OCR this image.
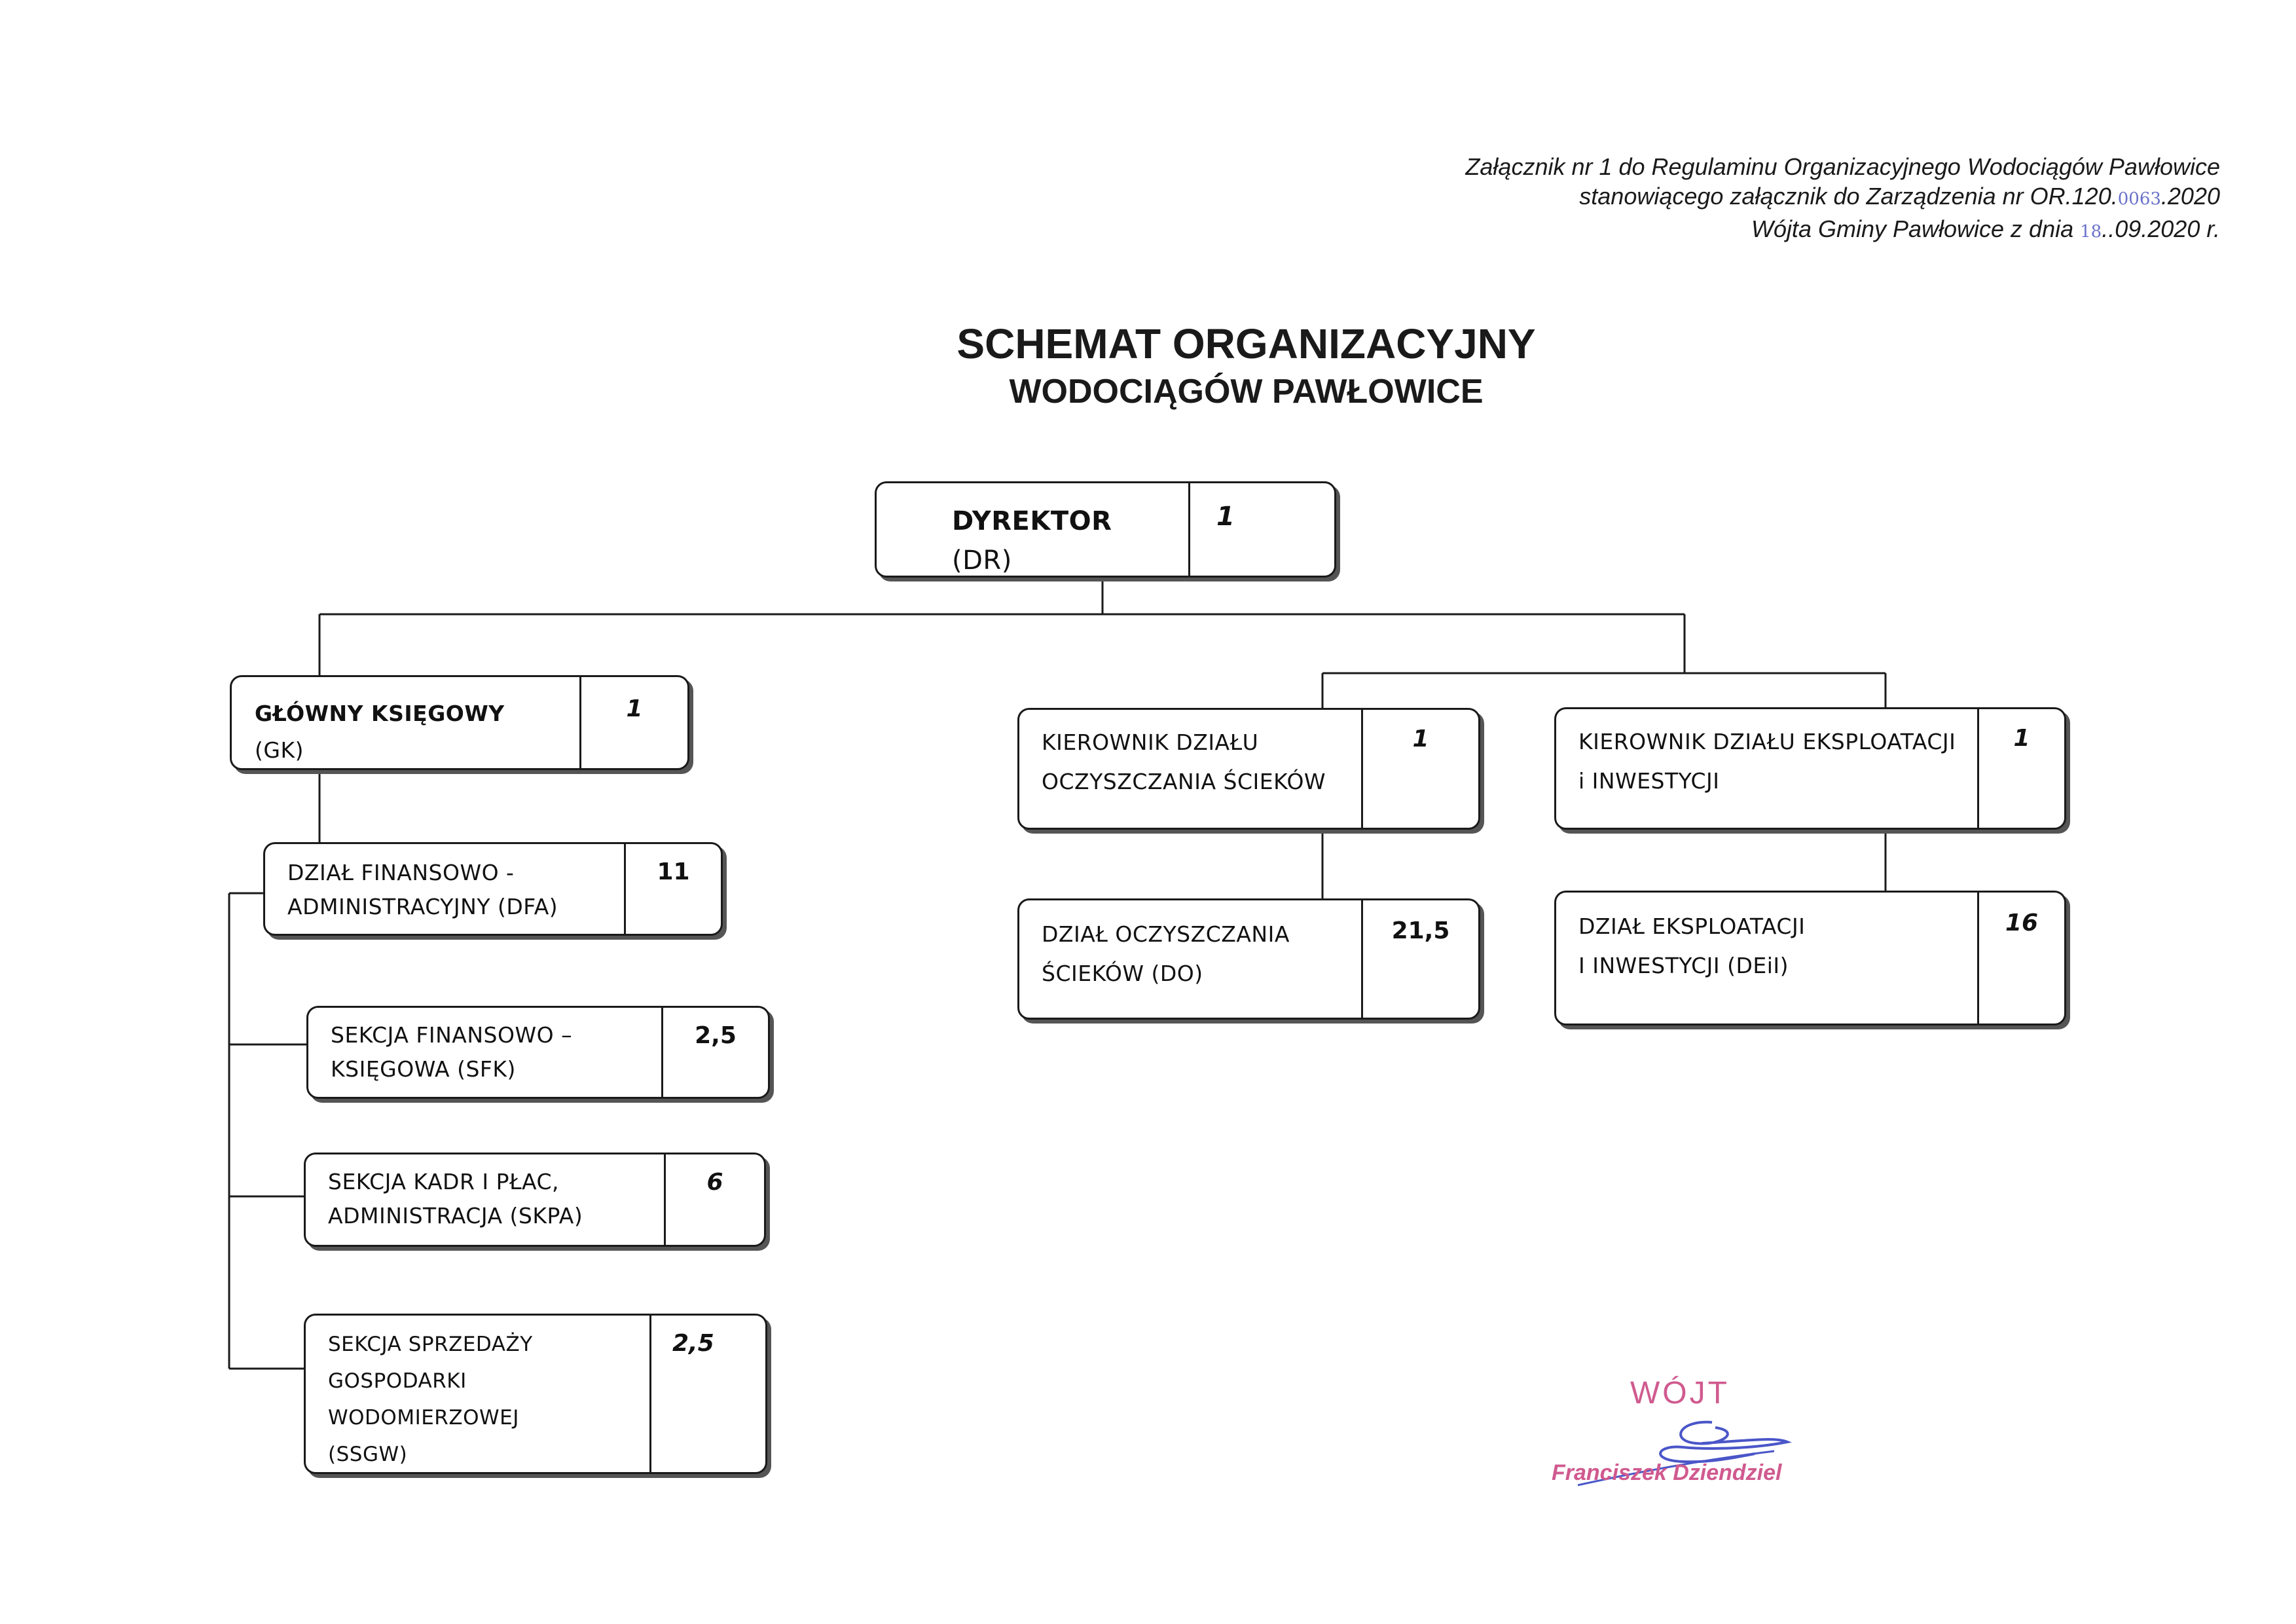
Załącznik nr 1 do Regulaminu Organizacyjnego Wodociągów Pawłowice
stanowiącego załącznik do Zarządzenia nr OR.120.0063.2020
Wójta Gminy Pawłowice z dnia 18..09.2020 r.
SCHEMAT ORGANIZACYJNY
WODOCIĄGÓW PAWŁOWICE
DYREKTOR(DR)
1
GŁÓWNY KSIĘGOWY (GK)
1
DZIAŁ FINANSOWO -
ADMINISTRACYJNY (DFA)
11
SEKCJA FINANSOWO –
KSIĘGOWA (SFK)
2,5
SEKCJA KADR I PŁAC,
ADMINISTRACJA (SKPA)
6
SEKCJA SPRZEDAŻY
GOSPODARKI WODOMIERZOWEJ
(SSGW)
2,5
KIEROWNIK DZIAŁU
OCZYSZCZANIA ŚCIEKÓW
1
DZIAŁ OCZYSZCZANIA
ŚCIEKÓW (DO)
21,5
KIEROWNIK DZIAŁU EKSPLOATACJI
i INWESTYCJI
1
DZIAŁ EKSPLOATACJI
I INWESTYCJI (DEiI)
16
WÓJT
Franciszek Dziendziel
